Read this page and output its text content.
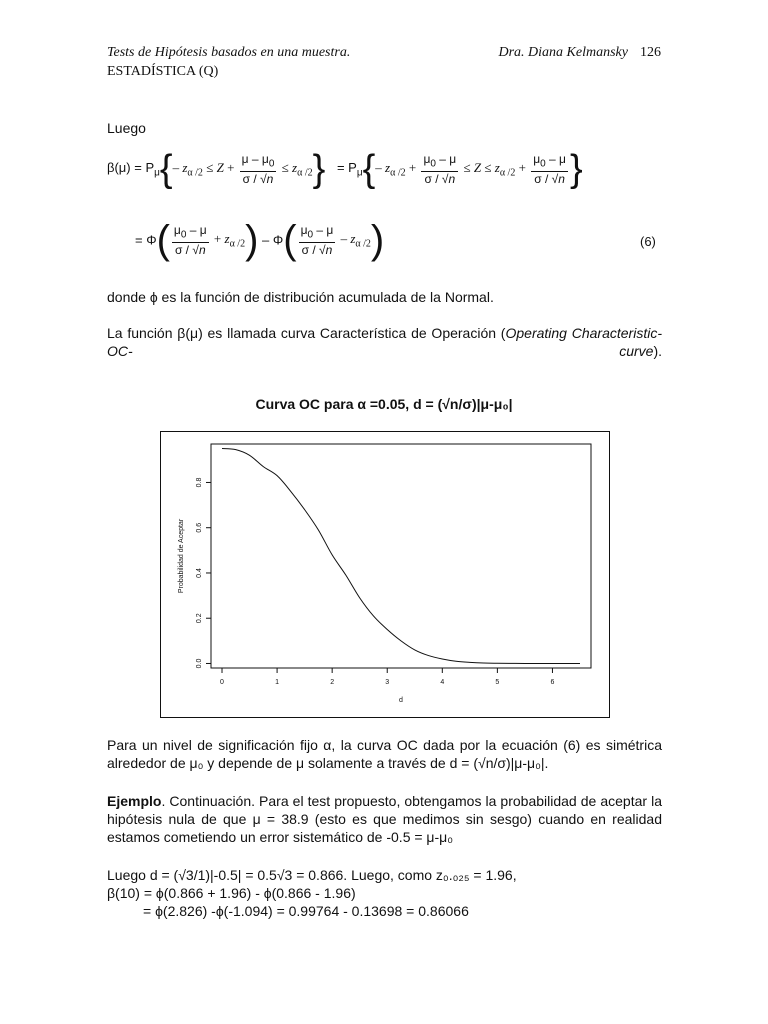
Tests de Hipótesis basados en una muestra.	Dra. Diana Kelmansky 126
ESTADÍSTICA (Q)
Luego
$\beta(\mu) = P_\mu\{-$ $z_{\alpha /2} \le Z + \frac{\mu - \mu_0}{\sigma / √n} \le z_{\alpha /2}\} = P_\mu\{-$ $z_{\alpha /2} + \frac{\mu_0 - \mu}{\sigma / √n} \le Z \le z_{\alpha /2} + \frac{\mu_0 - \mu}{\sigma / √n}$ }
= $\Phi( \frac{\mu_0 - \mu}{\sigma / √n} + z_{\alpha /2}) - \Phi( \frac{\mu_0 - \mu}{\sigma / √n} - z_{\alpha /2})$	(6)
donde ϕ es la función de distribución acumulada de la Normal.
La función β(μ) es llamada curva Característica de Operación (Operating Characteristic-OC- curve).
Curva OC para α =0.05, d = (√n/σ)|μ-μ₀|
0	1	2	3	4	5	6
0.0
0.2
0.4
0.6
0.8
d
Probabilidad de Aceptar
Para un nivel de significación fijo α, la curva OC dada por la ecuación (6) es simétrica alrededor de μ₀ y depende de μ solamente a través de d = (√n/σ)|μ-μ₀|.
Ejemplo. Continuación. Para el test propuesto, obtengamos la probabilidad de aceptar la hipótesis nula de que μ = 38.9 (esto es que medimos sin sesgo) cuando en realidad estamos cometiendo un error sistemático de -0.5 = μ-μ₀
Luego d = (√3/1)|-0.5| = 0.5√3 = 0.866. Luego, como z₀.₀₂₅ = 1.96,
β(10) = ϕ(0.866 + 1.96) - ϕ(0.866 - 1.96)
= ϕ(2.826) -ϕ(-1.094) = 0.99764 - 0.13698 = 0.86066
